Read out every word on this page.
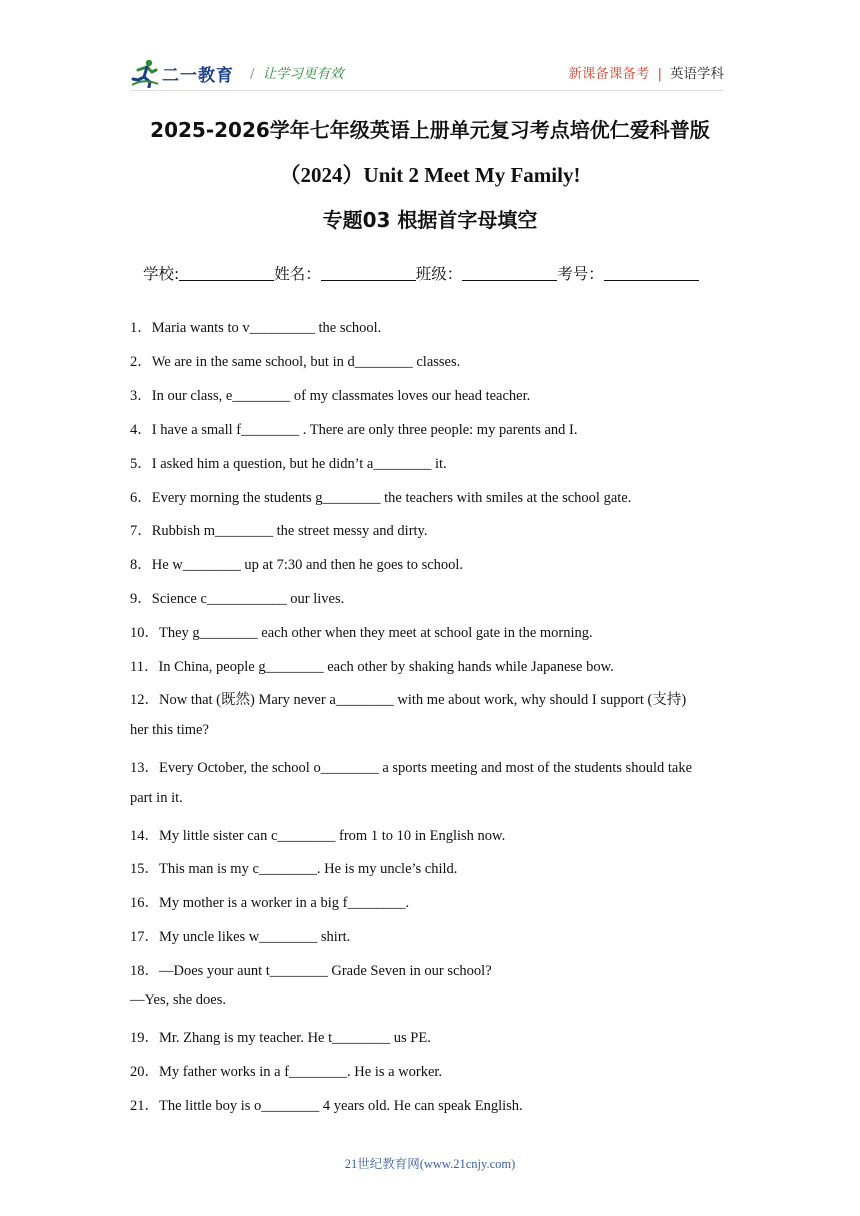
二一教育 / 让学习更有效	新课备课备考 | 英语学科
2025-2026学年七年级英语上册单元复习考点培优仁爱科普版
（2024）Unit 2 Meet My Family!
专题03 根据首字母填空
学校:	姓名：	班级：	考号：
1．Maria wants to v_________ the school.
2．We are in the same school, but in d________ classes.
3．In our class, e________ of my classmates loves our head teacher.
4．I have a small f________ . There are only three people: my parents and I.
5．I asked him a question, but he didn’t a________ it.
6．Every morning the students g________ the teachers with smiles at the school gate.
7．Rubbish m________ the street messy and dirty.
8．He w________ up at 7:30 and then he goes to school.
9．Science c___________ our lives.
10．They g________ each other when they meet at school gate in the morning.
11．In China, people g________ each other by shaking hands while Japanese bow.
12．Now that (既然) Mary never a________ with me about work, why should I support (支持)
her this time?
13．Every October, the school o________ a sports meeting and most of the students should take
part in it.
14．My little sister can c________ from 1 to 10 in English now.
15．This man is my c________. He is my uncle’s child.
16．My mother is a worker in a big f________.
17．My uncle likes w________ shirt.
18．—Does your aunt t________ Grade Seven in our school?
—Yes, she does.
19．Mr. Zhang is my teacher. He t________ us PE.
20．My father works in a f________. He is a worker.
21．The little boy is o________ 4 years old. He can speak English.
21世纪教育网(www.21cnjy.com)
